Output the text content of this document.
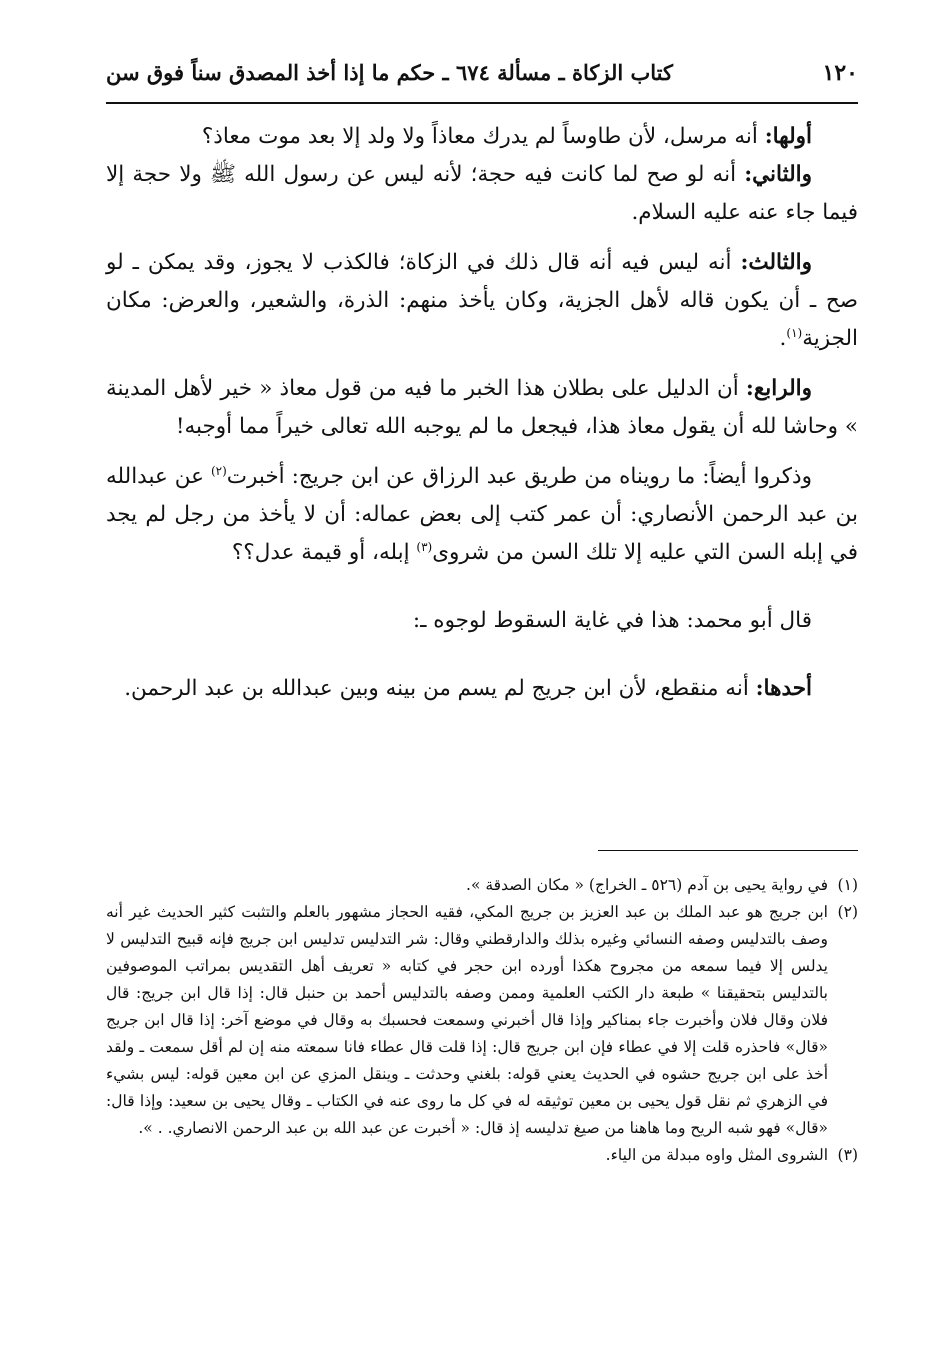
١٢٠
كتاب الزكاة ـ مسألة ٦٧٤ ـ حكم ما إذا أخذ المصدق سناً فوق سن

أولها: أنه مرسل، لأن طاوساً لم يدرك معاذاً ولا ولد إلا بعد موت معاذ؟

والثاني: أنه لو صح لما كانت فيه حجة؛ لأنه ليس عن رسول الله ﷺ ولا حجة إلا فيما جاء عنه عليه السلام.

والثالث: أنه ليس فيه أنه قال ذلك في الزكاة؛ فالكذب لا يجوز، وقد يمكن ـ لو صح ـ أن يكون قاله لأهل الجزية، وكان يأخذ منهم: الذرة، والشعير، والعرض: مكان الجزية$^{(١)}$.

والرابع: أن الدليل على بطلان هذا الخبر ما فيه من قول معاذ « خير لأهل المدينة » وحاشا لله أن يقول معاذ هذا، فيجعل ما لم يوجبه الله تعالى خيراً مما أوجبه!

وذكروا أيضاً: ما رويناه من طريق عبد الرزاق عن ابن جريج: أخبرت$^{(٢)}$ عن عبدالله بن عبد الرحمن الأنصاري: أن عمر كتب إلى بعض عماله: أن لا يأخذ من رجل لم يجد في إبله السن التي عليه إلا تلك السن من شروى$^{(٣)}$ إبله، أو قيمة عدل؟؟

قال أبو محمد: هذا في غاية السقوط لوجوه ـ:

أحدها: أنه منقطع، لأن ابن جريج لم يسم من بينه وبين عبدالله بن عبد الرحمن.

(١)
في رواية يحيى بن آدم (٥٢٦ ـ الخراج) « مكان الصدقة ».

(٢)
ابن جريج هو عبد الملك بن عبد العزيز بن جريج المكي، فقيه الحجاز مشهور بالعلم والتثبت كثير الحديث غير أنه وصف بالتدليس وصفه النسائي وغيره بذلك والدارقطني وقال: شر التدليس تدليس ابن جريج فإنه قبيح التدليس لا يدلس إلا فيما سمعه من مجروح هكذا أورده ابن حجر في كتابه « تعريف أهل التقديس بمراتب الموصوفين بالتدليس بتحقيقنا » طبعة دار الكتب العلمية وممن وصفه بالتدليس أحمد بن حنبل قال: إذا قال ابن جريج: قال فلان وقال فلان وأخبرت جاء بمناكير وإذا قال أخبرني وسمعت فحسبك به وقال في موضع آخر: إذا قال ابن جريج «قال» فاحذره قلت إلا في عطاء فإن ابن جريج قال: إذا قلت قال عطاء فانا سمعته منه إن لم أقل سمعت ـ ولقد أخذ على ابن جريج حشوه في الحديث يعني قوله: بلغني وحدثت ـ وينقل المزي عن ابن معين قوله: ليس بشيء في الزهري ثم نقل قول يحيى بن معين توثيقه له في كل ما روى عنه في الكتاب ـ وقال يحيى بن سعيد: وإذا قال: «قال» فهو شبه الريح وما هاهنا من صيغ تدليسه إذ قال: « أخبرت عن عبد الله بن عبد الرحمن الانصاري. . ».

(٣)
الشروى المثل واوه مبدلة من الياء.
